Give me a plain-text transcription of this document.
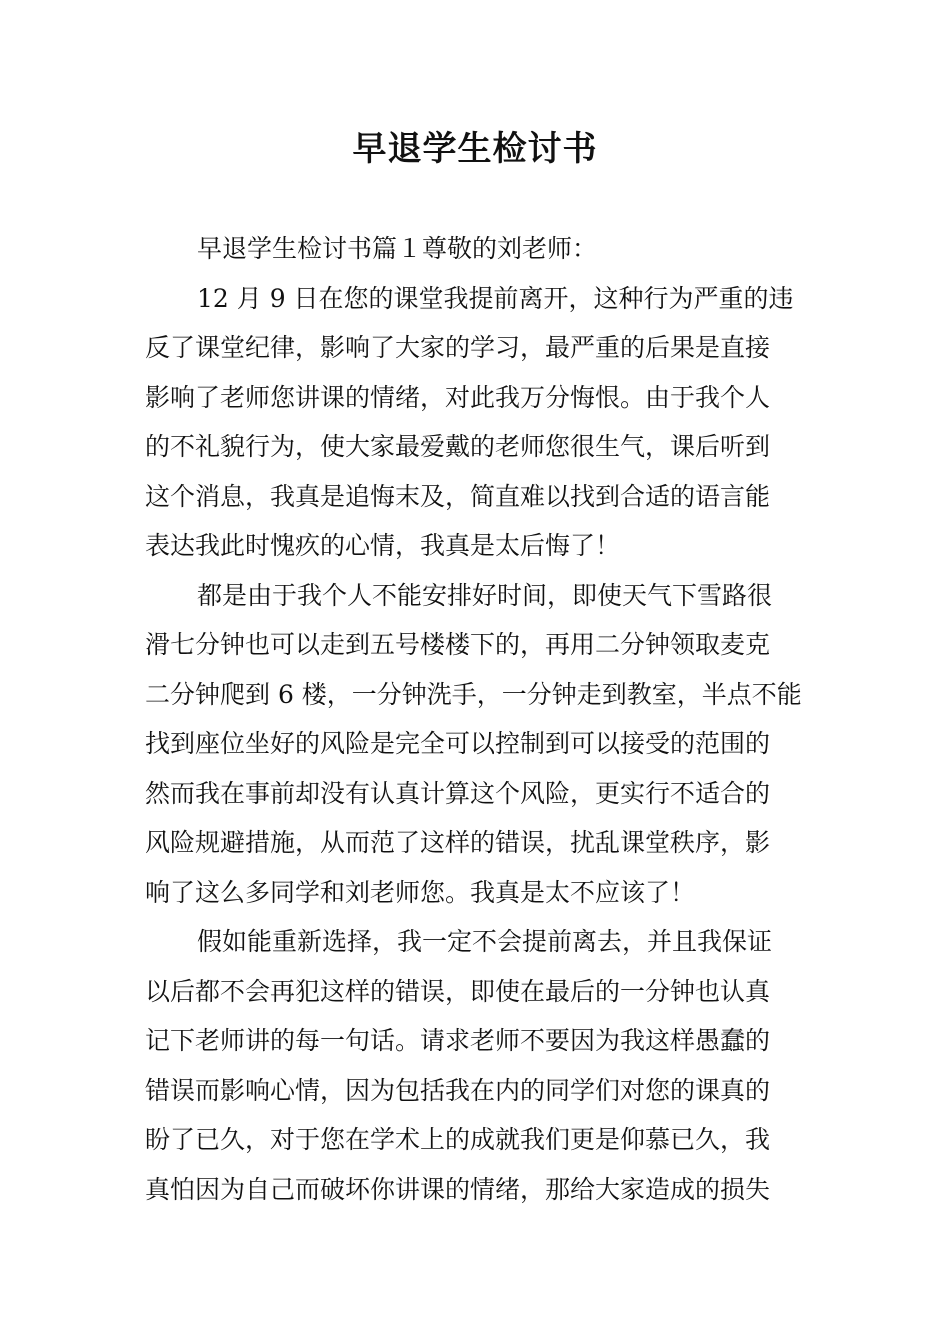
早退学生检讨书

早退学生检讨书篇１尊敬的刘老师：

12 月 9 日在您的课堂我提前离开，这种行为严重的违

反了课堂纪律，影响了大家的学习，最严重的后果是直接

影响了老师您讲课的情绪，对此我万分悔恨。由于我个人

的不礼貌行为，使大家最爱戴的老师您很生气，课后听到

这个消息，我真是追悔末及，简直难以找到合适的语言能

表达我此时愧疚的心情，我真是太后悔了！

都是由于我个人不能安排好时间，即使天气下雪路很

滑七分钟也可以走到五号楼楼下的，再用二分钟领取麦克

二分钟爬到 6 楼，一分钟洗手，一分钟走到教室，半点不能

找到座位坐好的风险是完全可以控制到可以接受的范围的

然而我在事前却没有认真计算这个风险，更实行不适合的

风险规避措施，从而范了这样的错误，扰乱课堂秩序，影

响了这么多同学和刘老师您。我真是太不应该了！

假如能重新选择，我一定不会提前离去，并且我保证

以后都不会再犯这样的错误，即使在最后的一分钟也认真

记下老师讲的每一句话。请求老师不要因为我这样愚蠢的

错误而影响心情，因为包括我在内的同学们对您的课真的

盼了已久，对于您在学术上的成就我们更是仰慕已久，我

真怕因为自己而破坏你讲课的情绪，那给大家造成的损失
